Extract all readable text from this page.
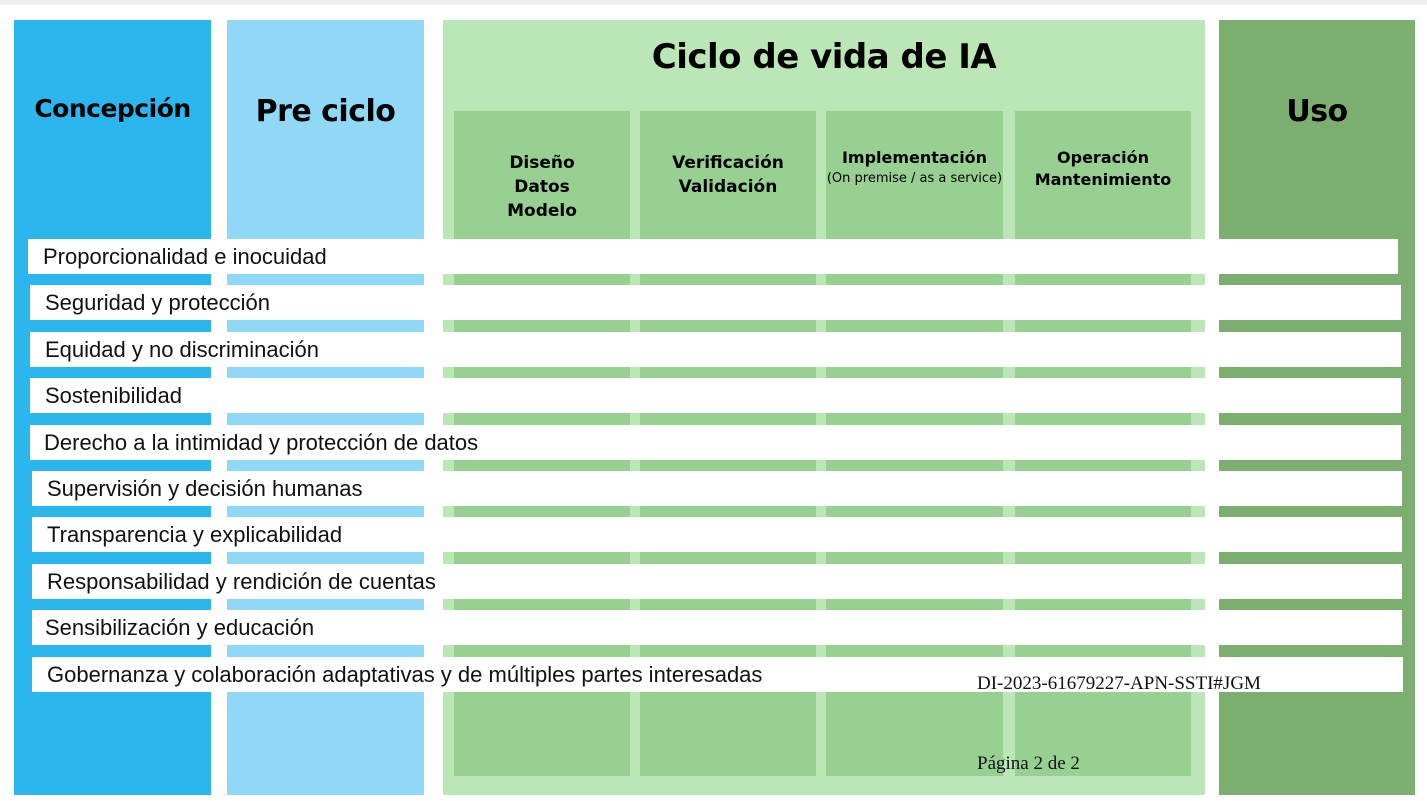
Concepción	Pre ciclo
Ciclo de vida de IA
Diseño
Datos
Modelo
Verificación
Validación
Implementación
(On premise / as a service)
Operación
Mantenimiento
Uso
Proporcionalidad e inocuidad
Seguridad y protección
Equidad y no discriminación
Sostenibilidad
Derecho a la intimidad y protección de datos
Supervisión y decisión humanas
Transparencia y explicabilidad
Responsabilidad y rendición de cuentas
Sensibilización y educación
Gobernanza y colaboración adaptativas y de múltiples partes interesadas	DI-2023-61679227-APN-SSTI#JGM
Página 2 de 2
